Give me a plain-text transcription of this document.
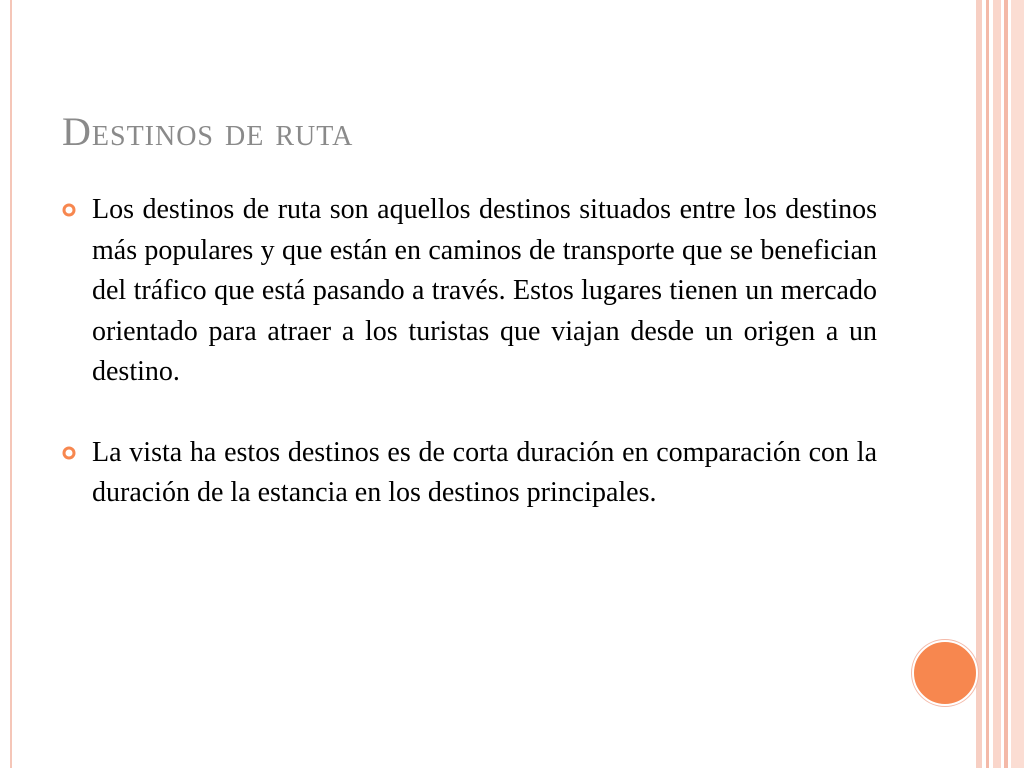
Destinos de ruta
Los destinos de ruta son aquellos destinos situados entre los destinos más populares y que están en caminos de transporte que se benefician del tráfico que está pasando a través. Estos lugares tienen un mercado orientado para atraer a los turistas que viajan desde un origen a un destino.
La vista ha estos destinos es de corta duración en comparación con la duración de la estancia en los destinos principales.
